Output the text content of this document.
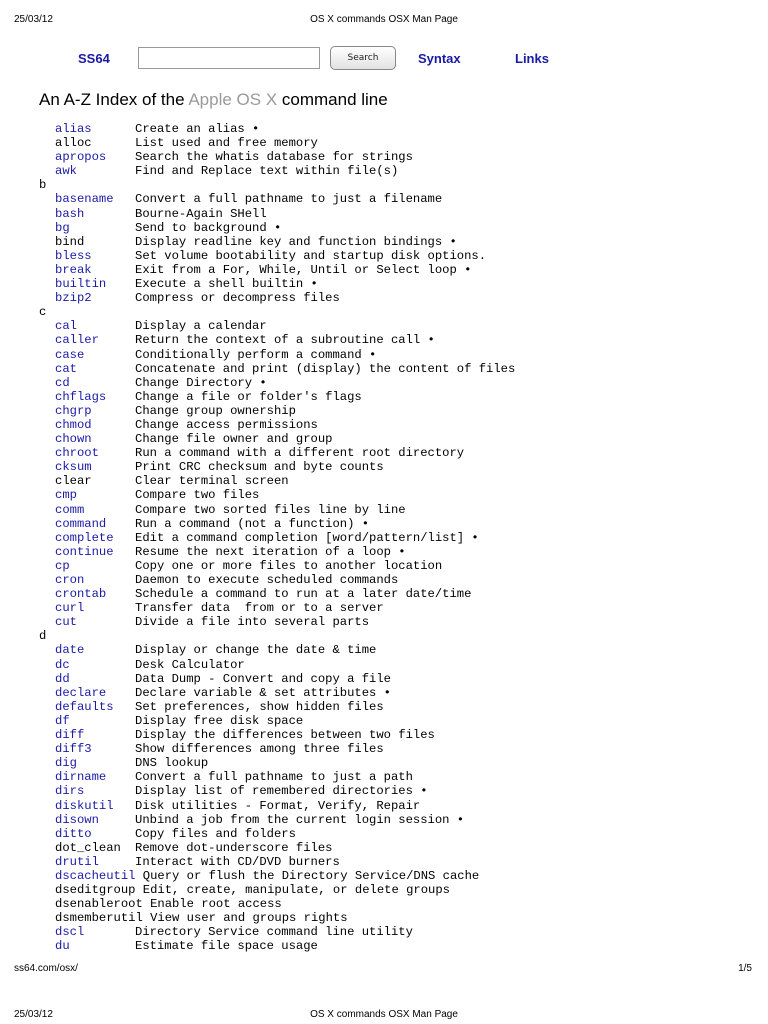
25/03/12	OS X commands OSX Man Page
SS64	Search	Syntax	Links
An A-Z Index of the Apple OS X command line
alias	Create an alias •
alloc	List used and free memory
apropos Search the whatis database for strings
awk	Find and Replace text within file(s)
b
basename Convert a full pathname to just a filename
bash	Bourne-Again SHell
bg	Send to background •
bind	Display readline key and function bindings •
bless	Set volume bootability and startup disk options.
break	Exit from a For, While, Until or Select loop •
builtin Execute a shell builtin •
bzip2	Compress or decompress files
c
cal	Display a calendar
caller	Return the context of a subroutine call •
case	Conditionally perform a command •
cat	Concatenate and print (display) the content of files
cd	Change Directory •
chflags Change a file or folder's flags
chgrp	Change group ownership
chmod	Change access permissions
chown	Change file owner and group
chroot	Run a command with a different root directory
cksum	Print CRC checksum and byte counts
clear	Clear terminal screen
cmp	Compare two files
comm	Compare two sorted files line by line
command Run a command (not a function) •
complete Edit a command completion [word/pattern/list] •
continue Resume the next iteration of a loop •
cp	Copy one or more files to another location
cron	Daemon to execute scheduled commands
crontab Schedule a command to run at a later date/time
curl	Transfer data  from or to a server
cut	Divide a file into several parts
d
date	Display or change the date & time
dc	Desk Calculator
dd	Data Dump - Convert and copy a file
declare Declare variable & set attributes •
defaults Set preferences, show hidden files
df	Display free disk space
diff	Display the differences between two files
diff3	Show differences among three files
dig	DNS lookup
dirname Convert a full pathname to just a path
dirs	Display list of remembered directories •
diskutil Disk utilities - Format, Verify, Repair
disown	Unbind a job from the current login session •
ditto	Copy files and folders
dot_clean Remove dot-underscore files
drutil	Interact with CD/DVD burners
dscacheutil Query or flush the Directory Service/DNS cache
dseditgroup Edit, create, manipulate, or delete groups
dsenableroot Enable root access
dsmemberutil View user and groups rights
dscl	Directory Service command line utility
du	Estimate file space usage
ss64.com/osx/	1/5
25/03/12	OS X commands OSX Man Page
